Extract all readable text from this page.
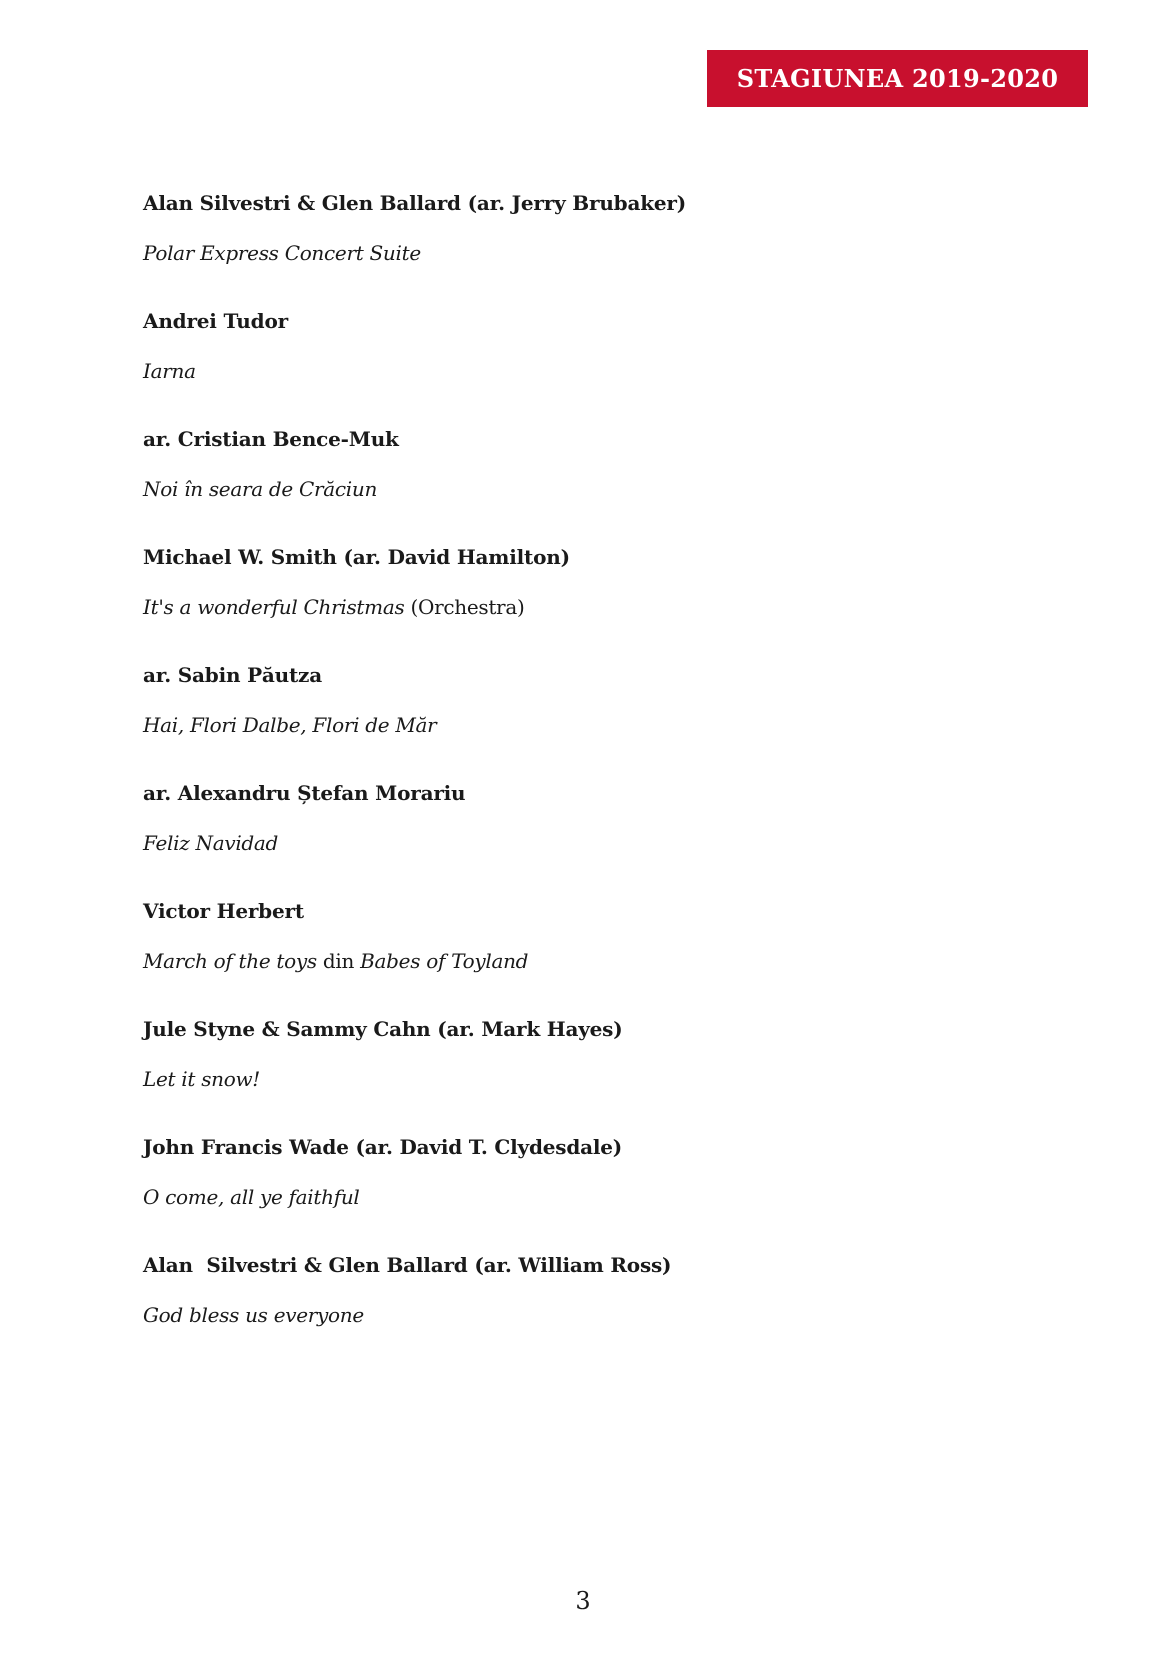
STAGIUNEA 2019-2020
Alan Silvestri & Glen Ballard (ar. Jerry Brubaker)
Polar Express Concert Suite
Andrei Tudor
Iarna
ar. Cristian Bence-Muk
Noi în seara de Crăciun
Michael W. Smith (ar. David Hamilton)
It's a wonderful Christmas (Orchestra)
ar. Sabin Păutza
Hai, Flori Dalbe, Flori de Măr
ar. Alexandru Ștefan Morariu
Feliz Navidad
Victor Herbert
March of the toys din Babes of Toyland
Jule Styne & Sammy Cahn (ar. Mark Hayes)
Let it snow!
John Francis Wade (ar. David T. Clydesdale)
O come, all ye faithful
Alan  Silvestri & Glen Ballard (ar. William Ross)
God bless us everyone
3
